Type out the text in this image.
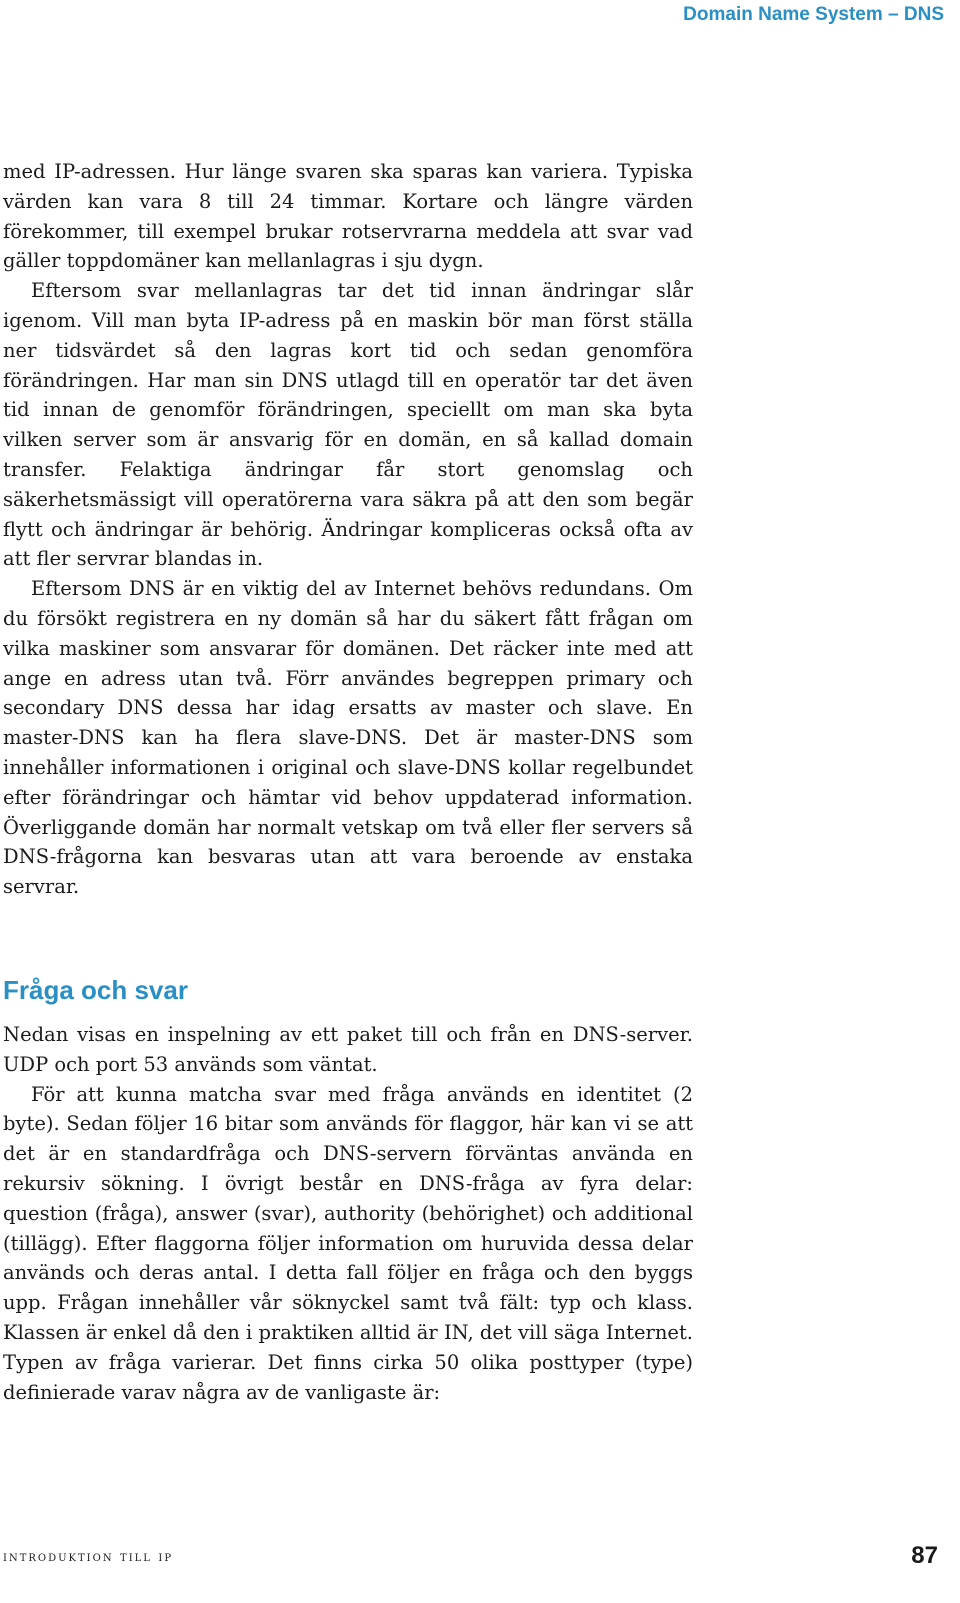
Domain Name System – DNS

med IP-adressen. Hur länge svaren ska sparas kan variera. Typiska värden kan vara 8 till 24 timmar. Kortare och längre värden förekommer, till exempel brukar rotservrarna meddela att svar vad gäller toppdomäner kan mellanlagras i sju dygn.

Eftersom svar mellanlagras tar det tid innan ändringar slår igenom. Vill man byta IP-adress på en maskin bör man först ställa ner tidsvärdet så den lagras kort tid och sedan genomföra förändringen. Har man sin DNS utlagd till en operatör tar det även tid innan de genomför förändringen, speciellt om man ska byta vilken server som är ansvarig för en domän, en så kallad domain transfer. Felaktiga ändringar får stort genomslag och säkerhetsmässigt vill operatörerna vara säkra på att den som begär flytt och ändringar är behörig. Ändringar kompliceras också ofta av att fler servrar blandas in.

Eftersom DNS är en viktig del av Internet behövs redundans. Om du försökt registrera en ny domän så har du säkert fått frågan om vilka maskiner som ansvarar för domänen. Det räcker inte med att ange en adress utan två. Förr användes begreppen primary och secondary DNS dessa har idag ersatts av master och slave. En master-DNS kan ha flera slave-DNS. Det är master-DNS som innehåller informationen i original och slave-DNS kollar regelbundet efter förändringar och hämtar vid behov uppdaterad information. Överliggande domän har normalt vetskap om två eller fler servers så DNS-frågorna kan besvaras utan att vara beroende av enstaka servrar.

Fråga och svar

Nedan visas en inspelning av ett paket till och från en DNS-server. UDP och port 53 används som väntat.

För att kunna matcha svar med fråga används en identitet (2 byte). Sedan följer 16 bitar som används för flaggor, här kan vi se att det är en standardfråga och DNS-servern förväntas använda en rekursiv sökning. I övrigt består en DNS-fråga av fyra delar: question (fråga), answer (svar), authority (behörighet) och additional (tillägg). Efter flaggorna följer information om huruvida dessa delar används och deras antal. I detta fall följer en fråga och den byggs upp. Frågan innehåller vår söknyckel samt två fält: typ och klass. Klassen är enkel då den i praktiken alltid är IN, det vill säga Internet. Typen av fråga varierar. Det finns cirka 50 olika posttyper (type) definierade varav några av de vanligaste är:

introduktion till ip	87
